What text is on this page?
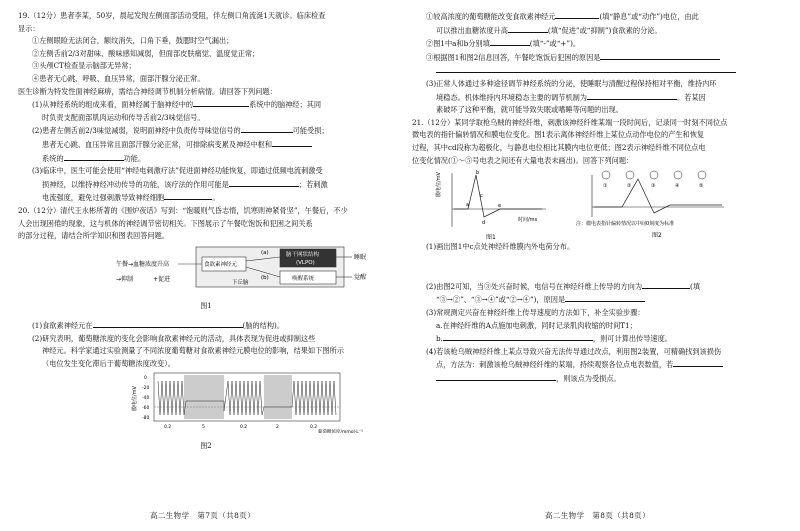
19.（12分）患者李某，50岁，晨起发现左侧面部活动受阻，伴左侧口角流涎1天就诊。临床检查

显示：

①左侧眼睑无法闭合，额纹消失，口角下垂，鼓腮时空气漏出；

②左侧舌前2/3对甜味、酸味感知减弱，但面部皮肤痛觉、温度觉正常；

③头颅CT检查显示脑部无异常；

④患者无心跳、呼吸、血压异常，面部汗腺分泌正常。

医生诊断为特发性面神经麻痹，需结合神经调节机制分析病情。请回答下列问题：

(1)从神经系统的组成来看，面神经属于脑神经中的	系统中的脑神经；其同

时负责支配面部肌肉运动和传导舌前2/3味觉信号。

(2)患者左侧舌前2/3味觉减弱，说明面神经中负责传导味觉信号的	可能受损；

患者无心跳、血压异常且面部汗腺分泌正常，可排除病变累及神经中枢和

系统的	功能。

(3)临床中，医生可能会使用“神经电刺激疗法”促进面神经功能恢复，即通过低频电流刺激受

损神经，以维持神经冲动传导的功能，该疗法的作用可能是	；若刺激

电流强度，避免过强刺激导致神经细胞	。

20.（12分）清代王永彬所著的《围炉夜话》写到：“饱暖则气昏志惰，饥寒则神紧骨坚”，午餐后，不少

人会出现困倦的现象，这与机体的神经调节密切相关。下图展示了午餐吃饱饭和犯困之间关系

的部分过程，请结合所学知识和图表回答问题。

午餐→血糖浓度升高
→抑制	+促进
食欲素神经元
下丘脑
脑干网状结构
(VLPO)
唤醒系统
(a)
(b)
睡眠
觉醒

图1

(1)食欲素神经元在	(脑的结构)。

(2)研究表明，葡萄糖浓度的变化会影响食欲素神经元的活动，具体表现为促进或抑制这些

神经元。科学家通过实验测量了不同浓度葡萄糖对食欲素神经元膜电位的影响，结果如下图所示

（电位发生变化滞后于葡萄糖浓度改变）。

膜电位/mV
0
-20
-40
-60
-80
0.2	5	0.2	2	0.2
葡萄糖浓度/mmol·L⁻¹

图2

①较高浓度的葡萄糖能改变食欲素神经元	(填“静息”或“动作”)电位，由此

可以推出血糖浓度升高	(填“促进”或“抑制”)食欲素的分泌。

②图1中a和b分别填	(填“-”或“+”)。

③根据图1和图2信息回答，午餐吃饱饭后犯困的原因是

(3)正常人体通过多种途径调节神经系统的分泌，使睡眠与清醒过程保持相对平衡，维持内环

境稳态。机体维持内环境稳态主要的调节机制为	。若某因

素破坏了这种平衡，就可能导致失眠或嗜睡等问题的出现。

21.（12分）某同学取枪乌贼的神经纤维，刺激该神经纤维某端一段时间后，记录同一时刻不同位点

微电表的指针偏转情况和膜电位变化。图1表示离体神经纤维上某位点动作电位的产生和恢复

过程，其中cd段称为超极化，与静息电位相比其膜内电位更低；图2表示神经纤维不同位点电

位变化情况(①～⑤号电表之间还有大量电表未画出)。回答下列问题：

膜电位/mV
时间/ms
a
b
c
d
e
图1
①	②	③	④	⑤
注：微电表指针偏转情况以中间0刻度为标准
图2

(1)画出图1中c点处神经纤维膜内外电荷分布。

(2)由图2可知，当③处兴奋时候，电信号在神经纤维上传导的方向为	(填

“③→②”、“③→④”或“②→④”)，原因是

(3)常规测定兴奋在神经纤维上传导速度的方法如下，补全实验步骤：

a.在神经纤维的A点施加电刺激，同时记录肌肉收缩的时间T1；

b.	，则可计算出传导速度。

(4)若该枪乌贼神经纤维上某点导致兴奋无法传导通过改点，利用图2装置，可精确找到该损伤

点，方法为：刺激该枪乌贼神经纤维的某端，持续观察各位点电表数值，若

，则该点为受损点。

高二生物学　第7页（共8页）	高二生物学　第8页（共8页）
